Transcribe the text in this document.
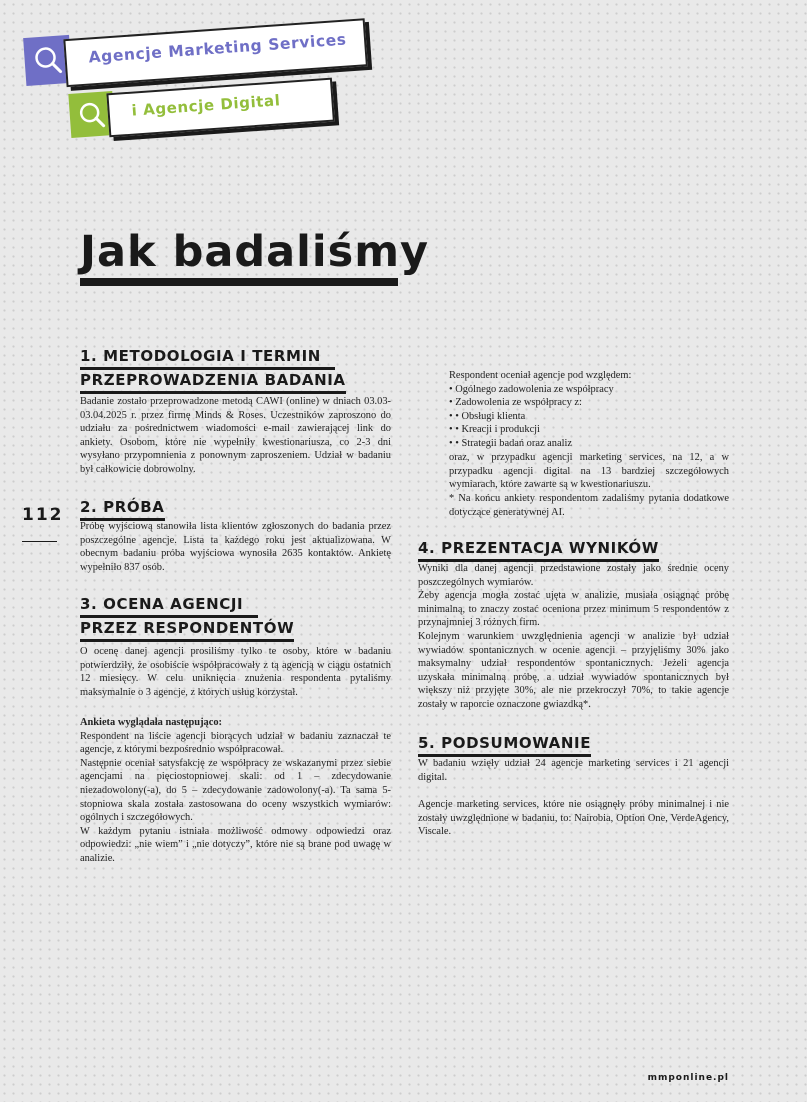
Agencje Marketing Services
i Agencje Digital
Jak badaliśmy
112
1. METODOLOGIA I TERMIN
PRZEPROWADZENIA BADANIA

Badanie zostało przeprowadzone metodą CAWI (online) w dniach 03.03-03.04.2025 r. przez firmę Minds & Roses. Uczestników zaproszono do udziału za pośrednictwem wiadomości e-mail zawierającej link do ankiety. Osobom, które nie wypełniły kwestionariusza, co 2-3 dni wysyłano przypomnienia z ponownym zaproszeniem. Udział w badaniu był całkowicie dobrowolny.

2. PRÓBA

Próbę wyjściową stanowiła lista klientów zgłoszonych do badania przez poszczególne agencje. Lista ta każdego roku jest aktualizowana. W obecnym badaniu próba wyjściowa wynosiła 2635 kontaktów. Ankietę wypełniło 837 osób.

3. OCENA AGENCJI
PRZEZ RESPONDENTÓW

O ocenę danej agencji prosiliśmy tylko te osoby, które w badaniu potwierdziły, że osobiście współpracowały z tą agencją w ciągu ostatnich 12 miesięcy. W celu uniknięcia znużenia respondenta pytaliśmy maksymalnie o 3 agencje, z których usług korzystał.

Ankieta wyglądała następująco:
Respondent na liście agencji biorących udział w badaniu zaznaczał te agencje, z którymi bezpośrednio współpracował.
Następnie oceniał satysfakcję ze współpracy ze wskazanymi przez siebie agencjami na pięciostopniowej skali: od 1 – zdecydowanie niezadowolony(-a), do 5 – zdecydowanie zadowolony(-a). Ta sama 5-stopniowa skala została zastosowana do oceny wszystkich wymiarów: ogólnych i szczegółowych.
W każdym pytaniu istniała możliwość odmowy odpowiedzi oraz odpowiedzi: „nie wiem” i „nie dotyczy”, które nie są brane pod uwagę w analizie.
Respondent oceniał agencje pod względem:
• Ogólnego zadowolenia ze współpracy
• Zadowolenia ze współpracy z:
• • Obsługi klienta
• • Kreacji i produkcji
• • Strategii badań oraz analiz

oraz, w przypadku agencji marketing services, na 12, a w przypadku agencji digital na 13 bardziej szczegółowych wymiarach, które zawarte są w kwestionariuszu.

* Na końcu ankiety respondentom zadaliśmy pytania dodatkowe dotyczące generatywnej AI.

4. PREZENTACJA WYNIKÓW
Wyniki dla danej agencji przedstawione zostały jako średnie oceny poszczególnych wymiarów.
Żeby agencja mogła zostać ujęta w analizie, musiała osiągnąć próbę minimalną, to znaczy zostać oceniona przez minimum 5 respondentów z przynajmniej 3 różnych firm.
Kolejnym warunkiem uwzględnienia agencji w analizie był udział wywiadów spontanicznych w ocenie agencji – przyjęliśmy 30% jako maksymalny udział respondentów spontanicznych. Jeżeli agencja uzyskała minimalną próbę, a udział wywiadów spontanicznych był większy niż przyjęte 30%, ale nie przekroczył 70%, to takie agencje zostały w raporcie oznaczone gwiazdką*.
5. PODSUMOWANIE

W badaniu wzięły udział 24 agencje marketing services i 21 agencji digital.

Agencje marketing services, które nie osiągnęły próby minimalnej i nie zostały uwzględnione w badaniu, to: Nairobia, Option One, VerdeAgency, Viscale.

mmponline.pl
